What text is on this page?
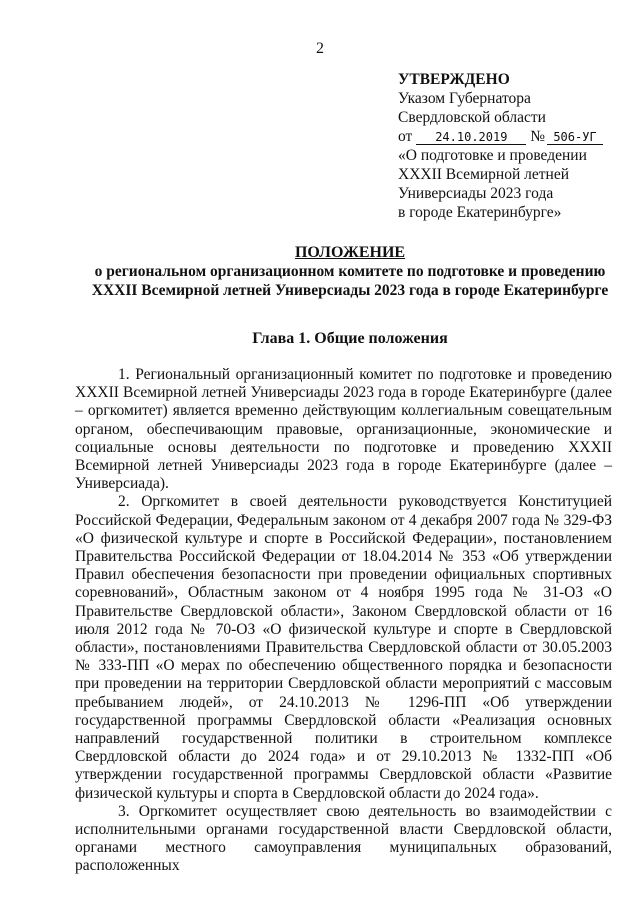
2
УТВЕРЖДЕНО
Указом Губернатора
Свердловской области
от 24.10.2019 № 506-УГ
«О подготовке и проведении
XXXII Всемирной летней
Универсиады 2023 года
в городе Екатеринбурге»
ПОЛОЖЕНИЕ
о региональном организационном комитете по подготовке и проведению
XXXII Всемирной летней Универсиады 2023 года в городе Екатеринбурге
Глава 1. Общие положения

1. Региональный организационный комитет по подготовке и проведению XXXII Всемирной летней Универсиады 2023 года в городе Екатеринбурге (далее – оргкомитет) является временно действующим коллегиальным совещательным органом, обеспечивающим правовые, организационные, экономические и социальные основы деятельности по подготовке и проведению XXXII Всемирной летней Универсиады 2023 года в городе Екатеринбурге (далее – Универсиада).

2. Оргкомитет в своей деятельности руководствуется Конституцией Российской Федерации, Федеральным законом от 4 декабря 2007 года № 329-ФЗ «О физической культуре и спорте в Российской Федерации», постановлением Правительства Российской Федерации от 18.04.2014 № 353 «Об утверждении Правил обеспечения безопасности при проведении официальных спортивных соревнований», Областным законом от 4 ноября 1995 года № 31-ОЗ «О Правительстве Свердловской области», Законом Свердловской области от 16 июля 2012 года № 70-ОЗ «О физической культуре и спорте в Свердловской области», постановлениями Правительства Свердловской области от 30.05.2003 № 333-ПП «О мерах по обеспечению общественного порядка и безопасности при проведении на территории Свердловской области мероприятий с массовым пребыванием людей», от 24.10.2013 № 1296-ПП «Об утверждении государственной программы Свердловской области «Реализация основных направлений государственной политики в строительном комплексе Свердловской области до 2024 года» и от 29.10.2013 № 1332-ПП «Об утверждении государственной программы Свердловской области «Развитие физической культуры и спорта в Свердловской области до 2024 года».

3. Оргкомитет осуществляет свою деятельность во взаимодействии с исполнительными органами государственной власти Свердловской области, органами местного самоуправления муниципальных образований, расположенных
